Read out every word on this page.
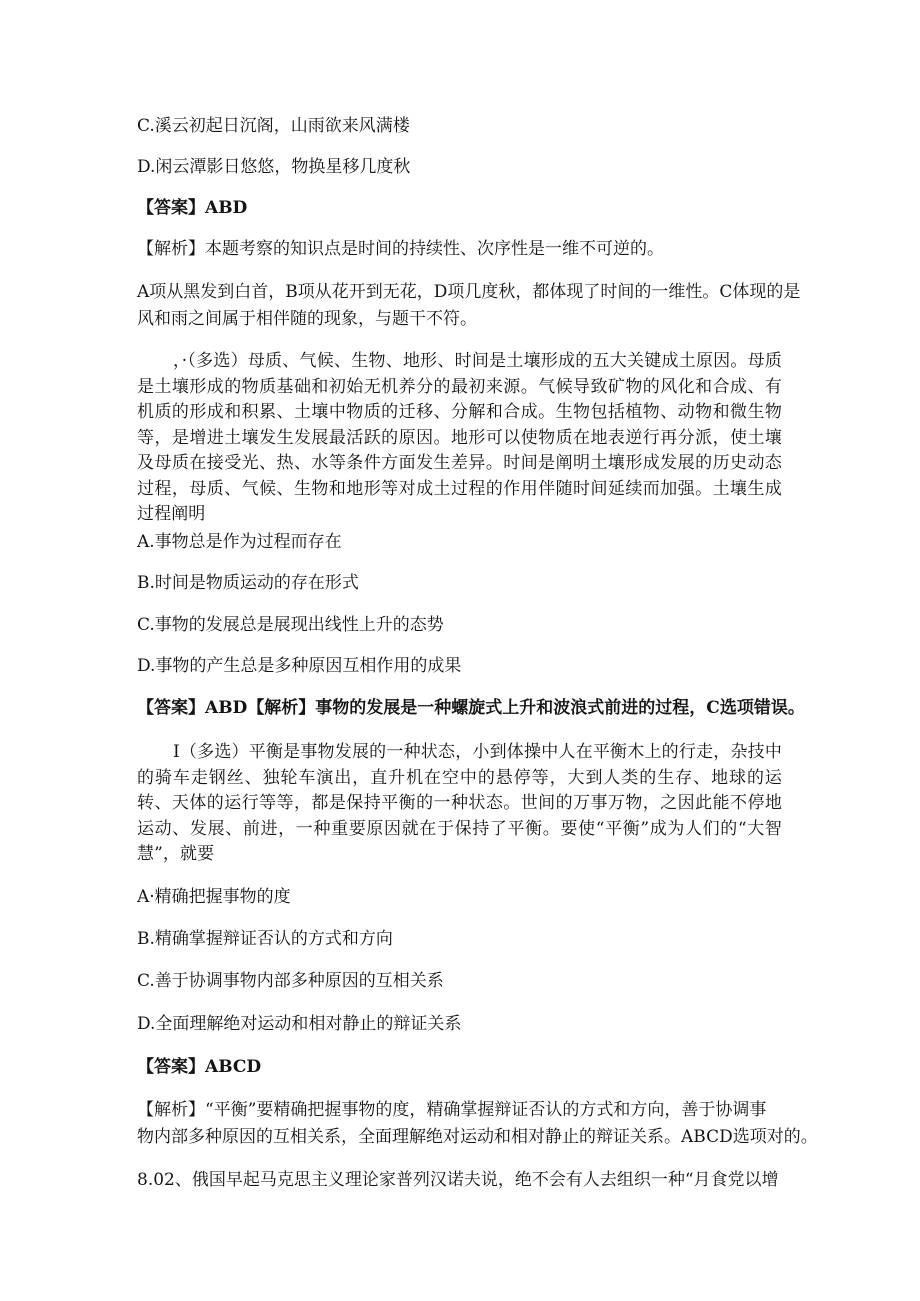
C.溪云初起日沉阁，山雨欲来风满楼
D.闲云潭影日悠悠，物换星移几度秋
【答案】ABD
【解析】本题考察的知识点是时间的持续性、次序性是一维不可逆的。
A项从黑发到白首，B项从花开到无花，D项几度秋，都体现了时间的一维性。C体现的是
风和雨之间属于相伴随的现象，与题干不符。
，·（多选）母质、气候、生物、地形、时间是土壤形成的五大关键成土原因。母质是土壤形成的物质基础和初始无机养分的最初来源。气候导致矿物的风化和合成、有机质的形成和积累、土壤中物质的迁移、分解和合成。生物包括植物、动物和微生物等，是增进土壤发生发展最活跃的原因。地形可以使物质在地表逆行再分派，使土壤及母质在接受光、热、水等条件方面发生差异。时间是阐明土壤形成发展的历史动态过程，母质、气候、生物和地形等对成土过程的作用伴随时间延续而加强。土壤生成过程阐明
A.事物总是作为过程而存在
B.时间是物质运动的存在形式
C.事物的发展总是展现出线性上升的态势
D.事物的产生总是多种原因互相作用的成果
【答案】ABD【解析】事物的发展是一种螺旋式上升和波浪式前进的过程，C选项错误。
I（多选）平衡是事物发展的一种状态，小到体操中人在平衡木上的行走，杂技中的骑车走钢丝、独轮车演出，直升机在空中的悬停等，大到人类的生存、地球的运转、天体的运行等等，都是保持平衡的一种状态。世间的万事万物，之因此能不停地运动、发展、前进，一种重要原因就在于保持了平衡。要使“平衡”成为人们的“大智慧”，就要
A·精确把握事物的度
B.精确掌握辩证否认的方式和方向
C.善于协调事物内部多种原因的互相关系
D.全面理解绝对运动和相对静止的辩证关系
【答案】ABCD
【解析】“平衡”要精确把握事物的度，精确掌握辩证否认的方式和方向，善于协调事
物内部多种原因的互相关系，全面理解绝对运动和相对静止的辩证关系。ABCD选项对的。
8.02、俄国早起马克思主义理论家普列汉诺夫说，绝不会有人去组织一种“月食党以增
